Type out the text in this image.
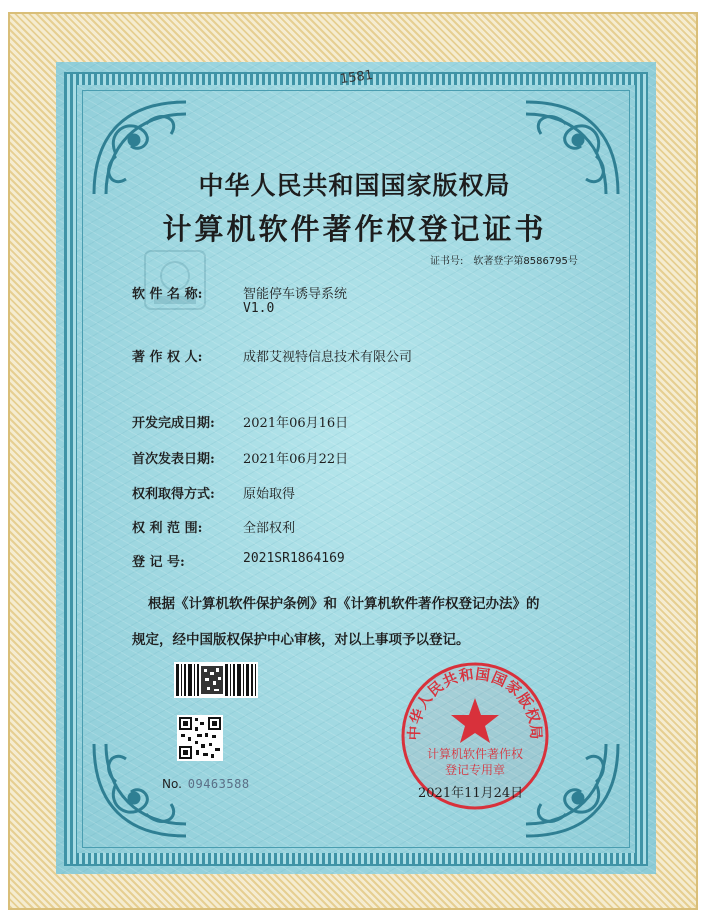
1581
中华人民共和国国家版权局
计算机软件著作权登记证书
证书号: 软著登字第8586795号
软 件 名 称:	智能停车诱导系统
V1.0
著 作 权 人:	成都艾视特信息技术有限公司
开发完成日期: 2021年06月16日
首次发表日期: 2021年06月22日
权利取得方式: 原始取得
权 利 范 围:	全部权利
登 记 号:	2021SR1864169
根据《计算机软件保护条例》和《计算机软件著作权登记办法》的
规定，经中国版权保护中心审核，对以上事项予以登记。
No. 09463588
中华人民共和国国家版权局
计算机软件著作权
登记专用章
2021年11月24日
